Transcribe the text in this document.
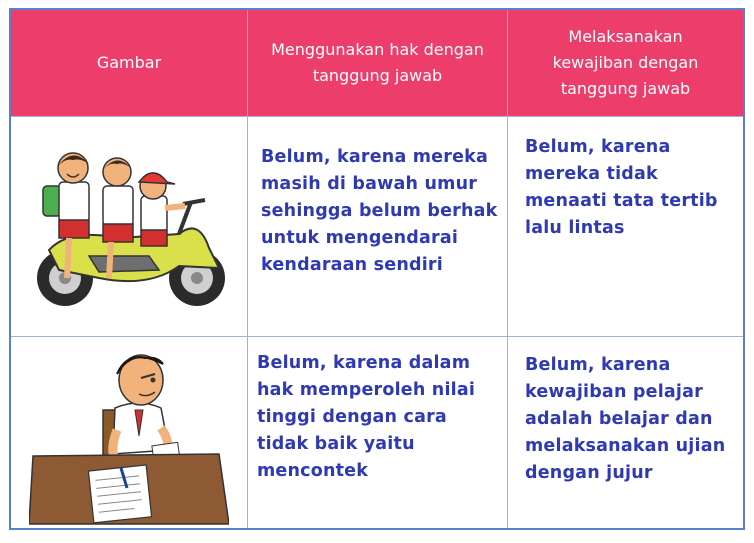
Gambar
Menggunakan hak dengan tanggung jawab
Melaksanakan kewajiban dengan tanggung jawab
Belum, karena mereka masih di bawah umur sehingga belum berhak untuk mengendarai kendaraan sendiri
Belum, karena mereka tidak menaati tata tertib lalu lintas
Belum, karena dalam hak memperoleh nilai tinggi dengan cara tidak baik yaitu mencontek
Belum, karena kewajiban pelajar adalah belajar dan melaksanakan ujian dengan jujur
